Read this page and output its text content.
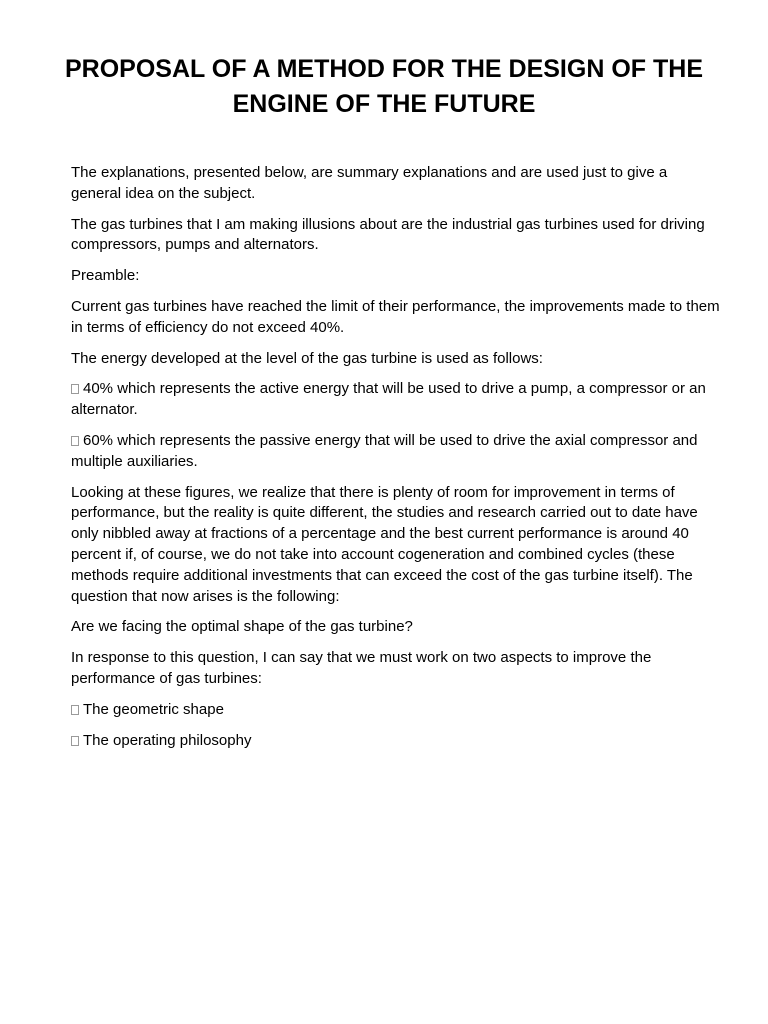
PROPOSAL OF A METHOD FOR THE DESIGN OF THE
ENGINE OF THE FUTURE

The explanations, presented below, are summary explanations and are used just to give a general idea on the subject.

The gas turbines that I am making illusions about are the industrial gas turbines used for driving compressors, pumps and alternators.

Preamble:

Current gas turbines have reached the limit of their performance, the improvements made to them in terms of efficiency do not exceed 40%.

The energy developed at the level of the gas turbine is used as follows:

40% which represents the active energy that will be used to drive a pump, a compressor or an alternator.

60% which represents the passive energy that will be used to drive the axial compressor and multiple auxiliaries.

Looking at these figures, we realize that there is plenty of room for improvement in terms of performance, but the reality is quite different, the studies and research carried out to date have only nibbled away at fractions of a percentage and the best current performance is around 40 percent if, of course, we do not take into account cogeneration and combined cycles (these methods require additional investments that can exceed the cost of the gas turbine itself). The question that now arises is the following:

Are we facing the optimal shape of the gas turbine?

In response to this question, I can say that we must work on two aspects to improve the performance of gas turbines:

The geometric shape

The operating philosophy
